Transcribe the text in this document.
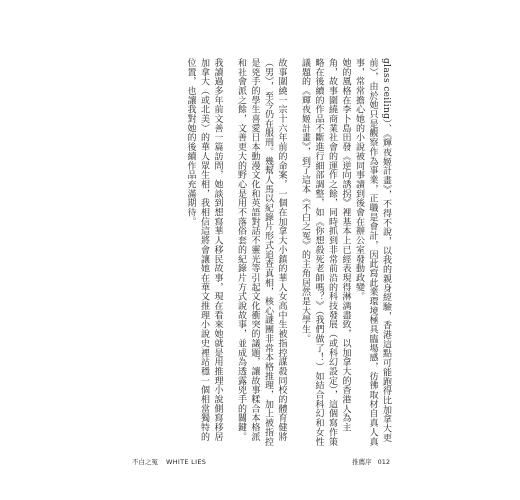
glass ceiling）、《輝夜姬計畫》，不得不說，以我的親身經驗，香港這點可能跑得比加拿大更前），由於她只是觀察作為事業，正職是會計，因此寫此業環境極具臨場感，彷彿取材自真人真事，常常擔心她的小說被同事讀到後會在辦公室發動政變。

她的風格在李卜島田發《逆向誘拐》裡基本上已經表現得淋漓盡致，以加拿大的香港人為主角，故事圍繞商業社會的運作之餘，同時抓到非常前沿的科技發展（或科幻設定），這個寫作策略在後續的作品不斷進行細部調整，如《你想殺死老師嗎？》（我們做了！）如結合科幻和女性議題的《輝夜姬計畫》，到了這本《不白之冤》的主角居然是大學生。

故事圍繞一宗十六年前的命案，一個在加拿大小鎮的華人女高中生被指控謀殺同校的體育健將（男），至今仍在服刑。幾幫人馬以紀錄片形式追查真相，核心謎團非常本格推理，加上被指控是兇手的學生喜愛日本動漫文化和英語對話不靈光等引起文化衝突的議題，讓故事糅合本格派和社會派之餘，文善更大的野心是用不落俗套的紀錄片方式說故事，並成為透露兇手的關鍵。

我讀過多年前文善一篇訪問，她談到想寫華人移民故事，現在看來她就是用推理小說側寫移居加拿大（或北美）的華人眾生相，我相信這將會讓她在華文推理小說史裡站穩一個相當獨特的位置，也讓我對她的後續作品充滿期待。

不白之冤 WHITE LIES	推薦序 012
